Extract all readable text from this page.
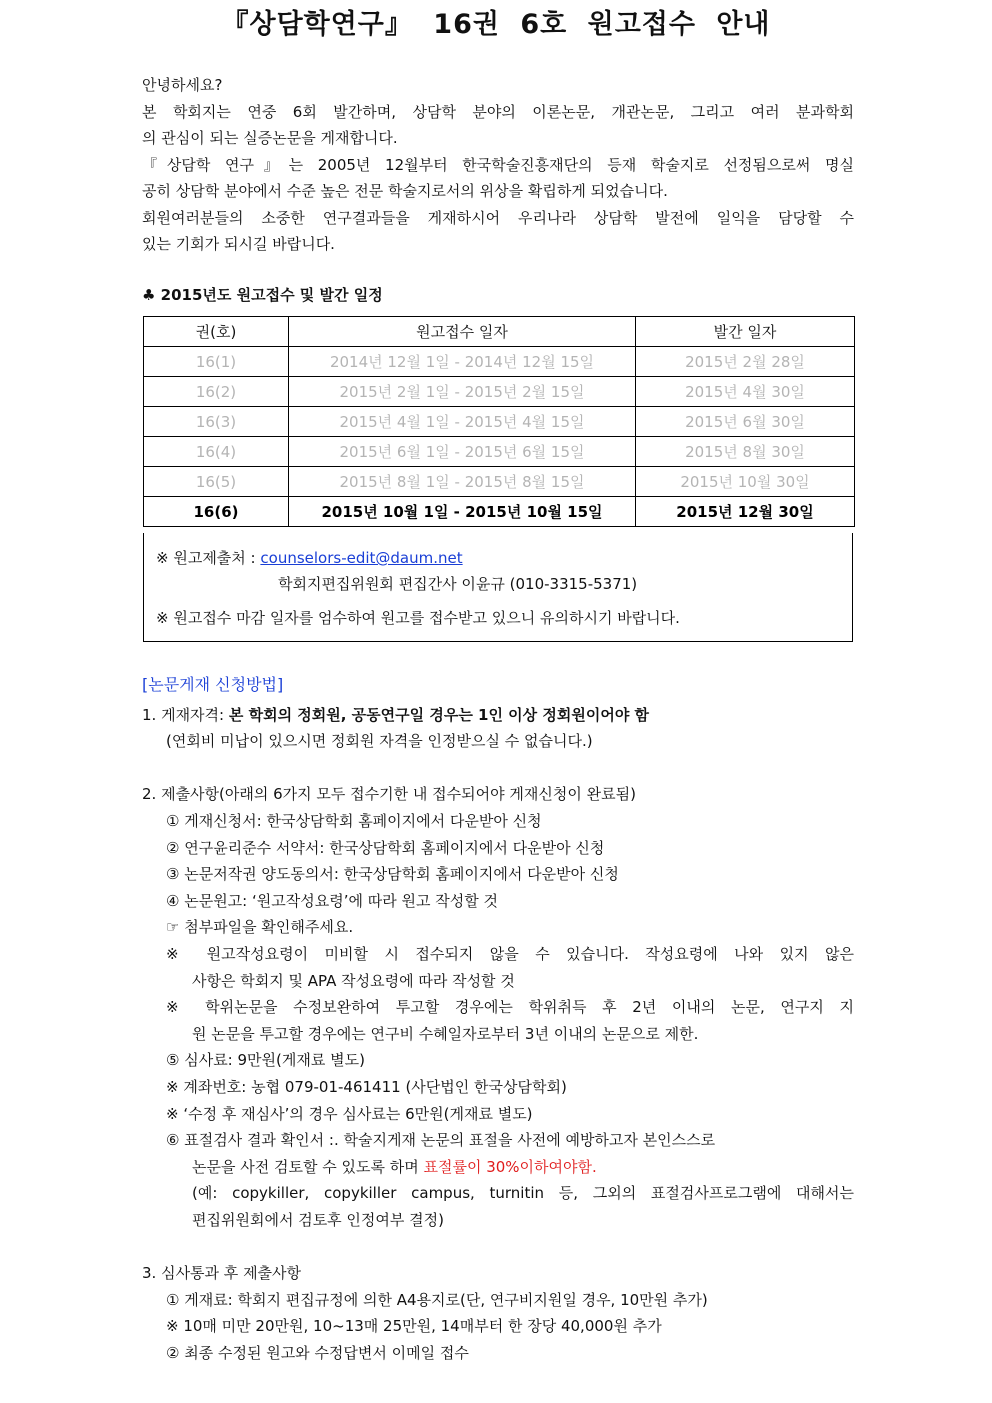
『상담학연구』 16권 6호 원고접수 안내

안녕하세요?

본 학회지는 연중 6회 발간하며, 상담학 분야의 이론논문, 개관논문, 그리고 여러 분과학회

의 관심이 되는 실증논문을 게재합니다.

『상담학 연구』는 2005년 12월부터 한국학술진흥재단의 등재 학술지로 선정됨으로써 명실

공히 상담학 분야에서 수준 높은 전문 학술지로서의 위상을 확립하게 되었습니다.

회원여러분들의 소중한 연구결과들을 게재하시어 우리나라 상담학 발전에 일익을 담당할 수

있는 기회가 되시길 바랍니다.

♣ 2015년도 원고접수 및 발간 일정
권(호)	원고접수 일자	발간 일자
16(1)	2014년 12월 1일 - 2014년 12월 15일	2015년 2월 28일
16(2)	2015년 2월 1일 - 2015년 2월 15일	2015년 4월 30일
16(3)	2015년 4월 1일 - 2015년 4월 15일	2015년 6월 30일
16(4)	2015년 6월 1일 - 2015년 6월 15일	2015년 8월 30일
16(5)	2015년 8월 1일 - 2015년 8월 15일	2015년 10월 30일
16(6)	2015년 10월 1일 - 2015년 10월 15일	2015년 12월 30일
※ 원고제출처 : counselors-edit@daum.net
학회지편집위원회 편집간사 이윤규 (010-3315-5371)
※ 원고접수 마감 일자를 엄수하여 원고를 접수받고 있으니 유의하시기 바랍니다.
[논문게재 신청방법]
1. 게재자격: 본 학회의 정회원, 공동연구일 경우는 1인 이상 정회원이어야 함
(연회비 미납이 있으시면 정회원 자격을 인정받으실 수 없습니다.)
2. 제출사항(아래의 6가지 모두 접수기한 내 접수되어야 게재신청이 완료됨)
① 게재신청서: 한국상담학회 홈페이지에서 다운받아 신청
② 연구윤리준수 서약서: 한국상담학회 홈페이지에서 다운받아 신청
③ 논문저작권 양도동의서: 한국상담학회 홈페이지에서 다운받아 신청
④ 논문원고: ‘원고작성요령’에 따라 원고 작성할 것
☞ 첨부파일을 확인해주세요.
※ 원고작성요령이 미비할 시 접수되지 않을 수 있습니다. 작성요령에 나와 있지 않은
사항은 학회지 및 APA 작성요령에 따라 작성할 것
※ 학위논문을 수정보완하여 투고할 경우에는 학위취득 후 2년 이내의 논문, 연구지 지
원 논문을 투고할 경우에는 연구비 수혜일자로부터 3년 이내의 논문으로 제한.
⑤ 심사료: 9만원(게재료 별도)
※ 계좌번호: 농협 079-01-461411 (사단법인 한국상담학회)
※ ‘수정 후 재심사’의 경우 심사료는 6만원(게재료 별도)
⑥ 표절검사 결과 확인서 :. 학술지게재 논문의 표절을 사전에 예방하고자 본인스스로
논문을 사전 검토할 수 있도록 하며 표절률이 30%이하여야함.
(예: copykiller, copykiller campus, turnitin 등, 그외의 표절검사프로그램에 대해서는
편집위원회에서 검토후 인정여부 결정)
3. 심사통과 후 제출사항
① 게재료: 학회지 편집규정에 의한 A4용지로(단, 연구비지원일 경우, 10만원 추가)
※ 10매 미만 20만원, 10~13매 25만원, 14매부터 한 장당 40,000원 추가
② 최종 수정된 원고와 수정답변서 이메일 접수
